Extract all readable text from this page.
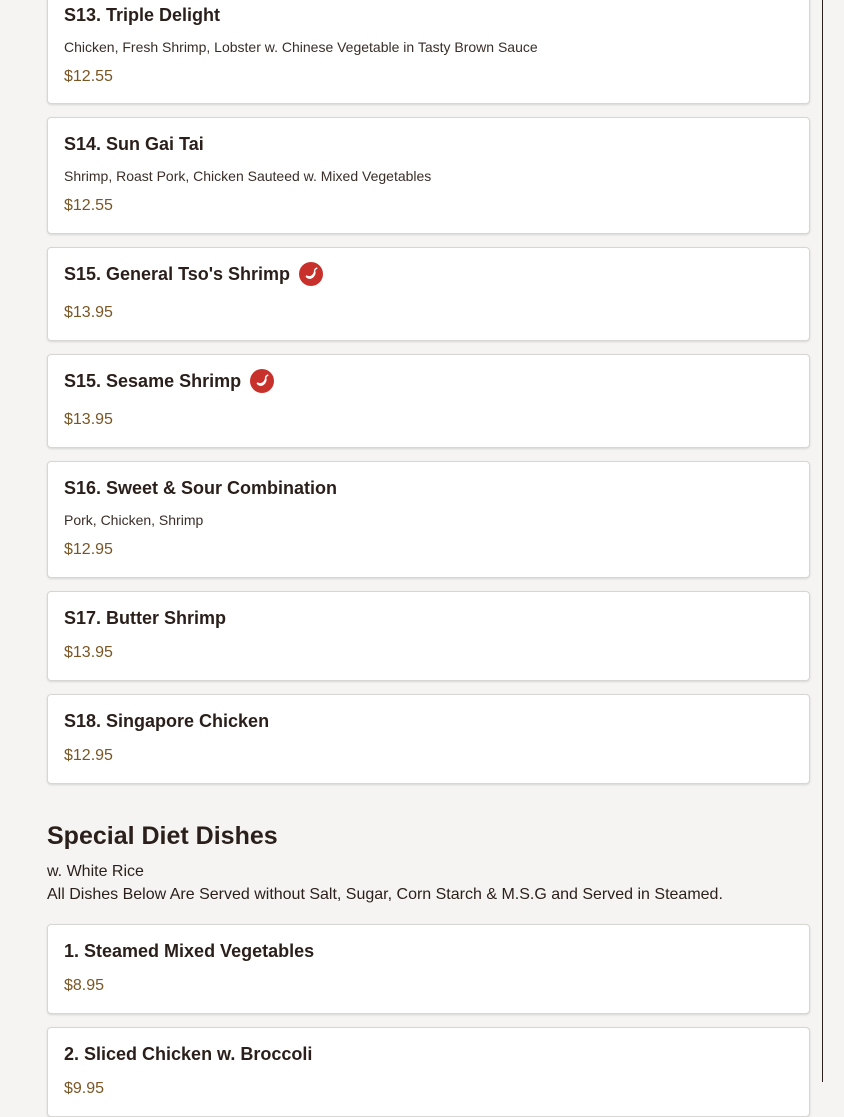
S13. Triple Delight
Chicken, Fresh Shrimp, Lobster w. Chinese Vegetable in Tasty Brown Sauce
$12.55
S14. Sun Gai Tai
Shrimp, Roast Pork, Chicken Sauteed w. Mixed Vegetables
$12.55
S15. General Tso's Shrimp
$13.95
S15. Sesame Shrimp
$13.95
S16. Sweet & Sour Combination
Pork, Chicken, Shrimp
$12.95
S17. Butter Shrimp
$13.95
S18. Singapore Chicken
$12.95
Special Diet Dishes
w. White Rice
All Dishes Below Are Served without Salt, Sugar, Corn Starch & M.S.G and Served in Steamed.
1. Steamed Mixed Vegetables
$8.95
2. Sliced Chicken w. Broccoli
$9.95
